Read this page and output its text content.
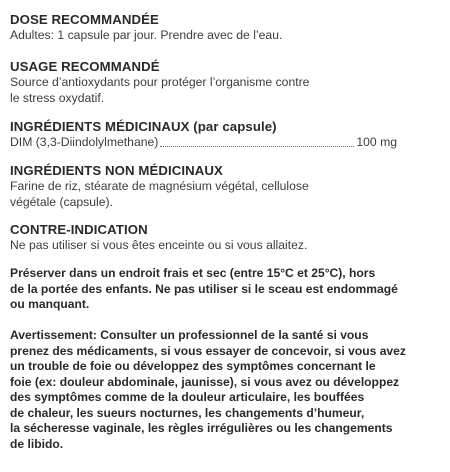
DOSE RECOMMANDÉE

Adultes: 1 capsule par jour. Prendre avec de l’eau.

USAGE RECOMMANDÉ

Source d’antioxydants pour protéger l’organisme contre

le stress oxydatif.

INGRÉDIENTS MÉDICINAUX (par capsule)
DIM (3,3-Diindolylmethane)	100 mg
INGRÉDIENTS NON MÉDICINAUX

Farine de riz, stéarate de magnésium végétal, cellulose

végétale (capsule).

CONTRE-INDICATION

Ne pas utiliser si vous êtes enceinte ou si vous allaitez.

Préserver dans un endroit frais et sec (entre 15°C et 25°C), hors

de la portée des enfants. Ne pas utiliser si le sceau est endommagé

ou manquant.

Avertissement: Consulter un professionnel de la santé si vous

prenez des médicaments, si vous essayer de concevoir, si vous avez

un trouble de foie ou développez des symptômes concernant le

foie (ex: douleur abdominale, jaunisse), si vous avez ou développez

des symptômes comme de la douleur articulaire, les bouffées

de chaleur, les sueurs nocturnes, les changements d’humeur,

la sécheresse vaginale, les règles irrégulières ou les changements

de libido.
